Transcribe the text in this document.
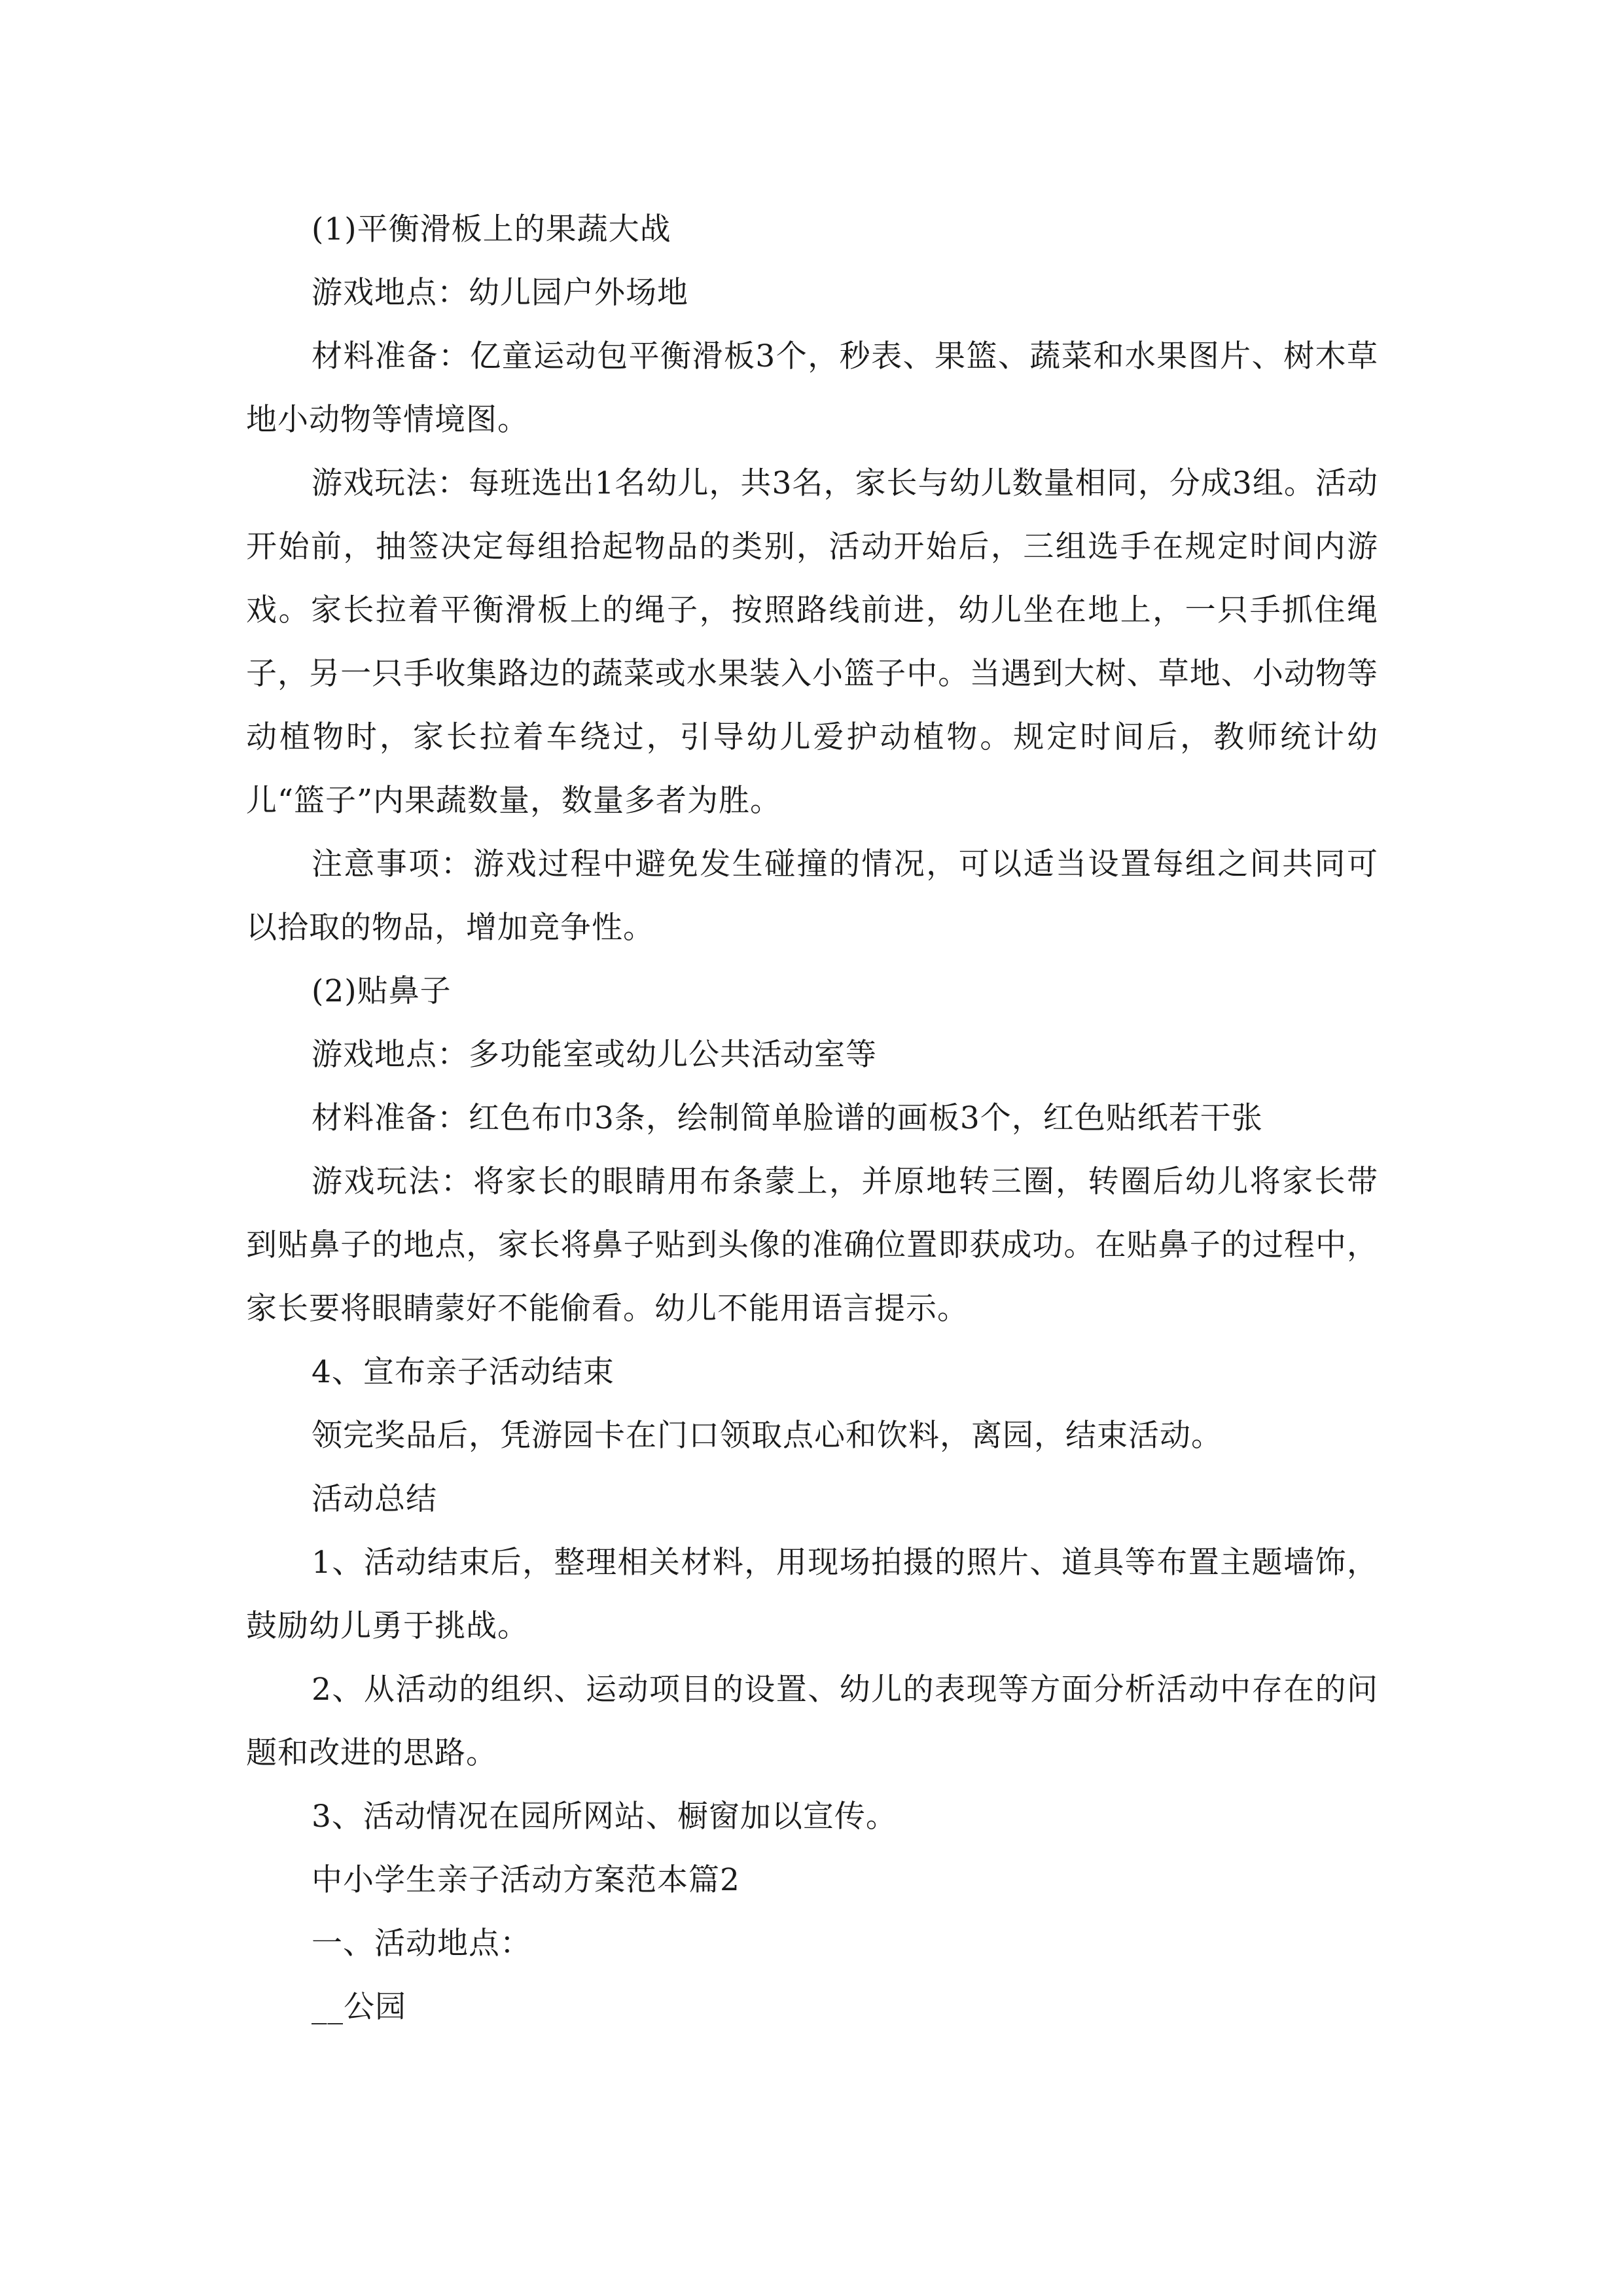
(1)平衡滑板上的果蔬大战

游戏地点：幼儿园户外场地

材料准备：亿童运动包平衡滑板3个，秒表、果篮、蔬菜和水果图片、树木草地小动物等情境图。

游戏玩法：每班选出1名幼儿，共3名，家长与幼儿数量相同，分成3组。活动开始前，抽签决定每组拾起物品的类别，活动开始后，三组选手在规定时间内游戏。家长拉着平衡滑板上的绳子，按照路线前进，幼儿坐在地上，一只手抓住绳子，另一只手收集路边的蔬菜或水果装入小篮子中。当遇到大树、草地、小动物等动植物时，家长拉着车绕过，引导幼儿爱护动植物。规定时间后，教师统计幼儿“篮子”内果蔬数量，数量多者为胜。

注意事项：游戏过程中避免发生碰撞的情况，可以适当设置每组之间共同可以拾取的物品，增加竞争性。

(2)贴鼻子

游戏地点：多功能室或幼儿公共活动室等

材料准备：红色布巾3条，绘制简单脸谱的画板3个，红色贴纸若干张

游戏玩法：将家长的眼睛用布条蒙上，并原地转三圈，转圈后幼儿将家长带到贴鼻子的地点，家长将鼻子贴到头像的准确位置即获成功。在贴鼻子的过程中，家长要将眼睛蒙好不能偷看。幼儿不能用语言提示。

4、宣布亲子活动结束

领完奖品后，凭游园卡在门口领取点心和饮料，离园，结束活动。

活动总结

1、活动结束后，整理相关材料，用现场拍摄的照片、道具等布置主题墙饰，鼓励幼儿勇于挑战。

2、从活动的组织、运动项目的设置、幼儿的表现等方面分析活动中存在的问题和改进的思路。

3、活动情况在园所网站、橱窗加以宣传。

中小学生亲子活动方案范本篇2

一、活动地点：

__公园
